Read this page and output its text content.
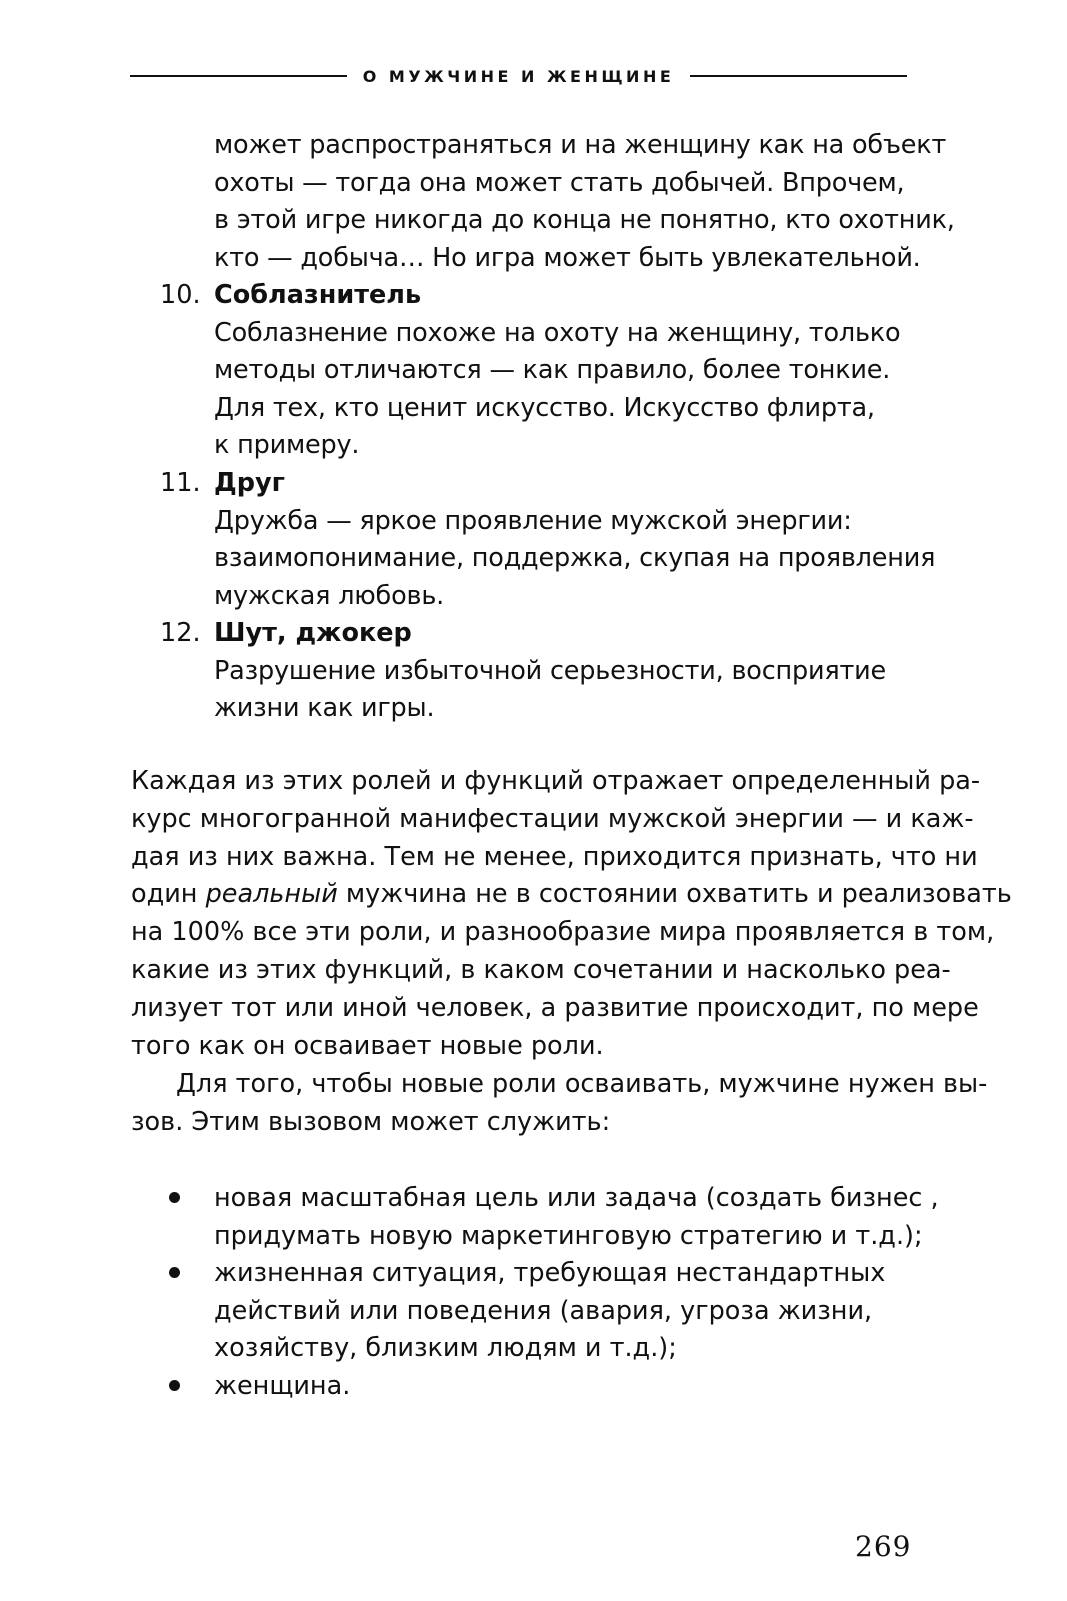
О МУЖЧИНЕ И ЖЕНЩИНЕ
может распространяться и на женщину как на объект
охоты — тогда она может стать добычей. Впрочем,
в этой игре никогда до конца не понятно, кто охотник,
кто — добыча… Но игра может быть увлекательной.
10. Соблазнитель
Соблазнение похоже на охоту на женщину, только
методы отличаются — как правило, более тонкие.
Для тех, кто ценит искусство. Искусство флирта,
к примеру.
11. Друг
Дружба — яркое проявление мужской энергии:
взаимопонимание, поддержка, скупая на проявления
мужская любовь.
12. Шут, джокер
Разрушение избыточной серьезности, восприятие
жизни как игры.
Каждая из этих ролей и функций отражает определенный ра-
курс многогранной манифестации мужской энергии — и каж-
дая из них важна. Тем не менее, приходится признать, что ни
один реальный мужчина не в состоянии охватить и реализовать
на 100% все эти роли, и разнообразие мира проявляется в том,
какие из этих функций, в каком сочетании и насколько реа-
лизует тот или иной человек, а развитие происходит, по мере
того как он осваивает новые роли.
Для того, чтобы новые роли осваивать, мужчине нужен вы-
зов. Этим вызовом может служить:
новая масштабная цель или задача (создать бизнес ,
придумать новую маркетинговую стратегию и т.д.);
жизненная ситуация, требующая нестандартных
действий или поведения (авария, угроза жизни,
хозяйству, близким людям и т.д.);
женщина.
269
